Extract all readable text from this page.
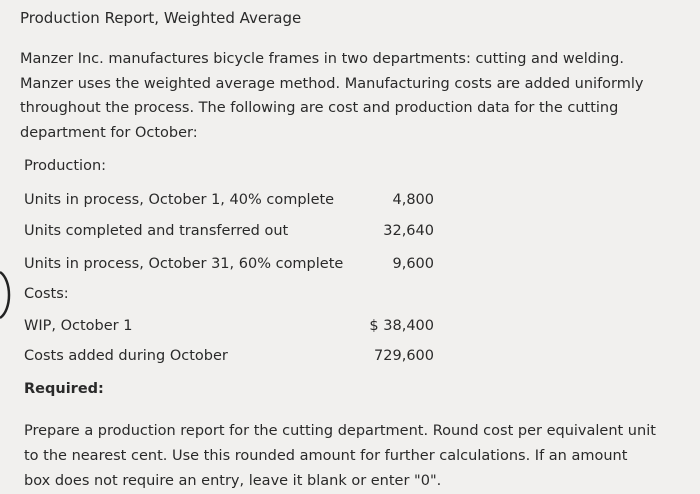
Production Report, Weighted Average
Manzer Inc. manufactures bicycle frames in two departments: cutting and welding.
Manzer uses the weighted average method. Manufacturing costs are added uniformly
throughout the process. The following are cost and production data for the cutting
department for October:
Production:
Units in process, October 1, 40% complete	4,800
Units completed and transferred out	32,640
Units in process, October 31, 60% complete	9,600
Costs:
WIP, October 1	$ 38,400
Costs added during October	729,600
Required:
Prepare a production report for the cutting department. Round cost per equivalent unit
to the nearest cent. Use this rounded amount for further calculations. If an amount
box does not require an entry, leave it blank or enter "0".
